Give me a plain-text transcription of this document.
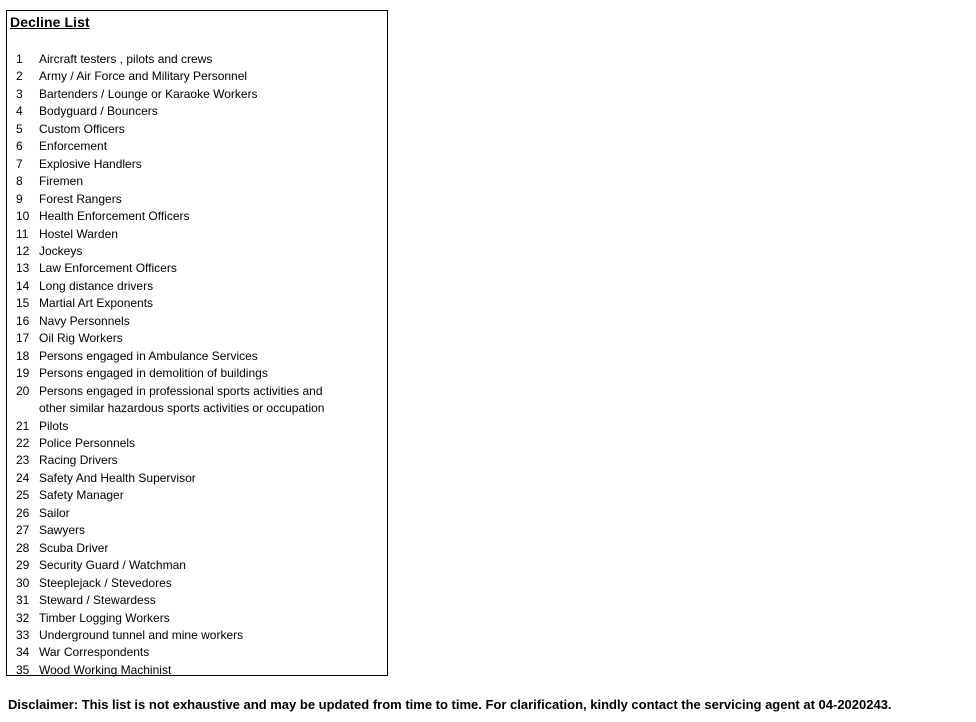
Decline List
1	Aircraft testers , pilots and crews
2	Army / Air Force and Military Personnel
3	Bartenders / Lounge or Karaoke Workers
4	Bodyguard / Bouncers
5	Custom Officers
6	Enforcement
7	Explosive Handlers
8	Firemen
9	Forest Rangers
10 Health Enforcement Officers
11 Hostel Warden
12 Jockeys
13 Law Enforcement Officers
14 Long distance drivers
15 Martial Art Exponents
16 Navy Personnels
17 Oil Rig Workers
18 Persons engaged in Ambulance Services
19 Persons engaged in demolition of buildings
20 Persons engaged in professional sports activities and
other similar hazardous sports activities or occupation
21 Pilots
22 Police Personnels
23 Racing Drivers
24 Safety And Health Supervisor
25 Safety Manager
26 Sailor
27 Sawyers
28 Scuba Driver
29 Security Guard / Watchman
30 Steeplejack / Stevedores
31 Steward / Stewardess
32 Timber Logging Workers
33 Underground tunnel and mine workers
34 War Correspondents
35 Wood Working Machinist
Disclaimer: This list is not exhaustive and may be updated from time to time. For clarification, kindly contact the servicing agent at 04-2020243.
